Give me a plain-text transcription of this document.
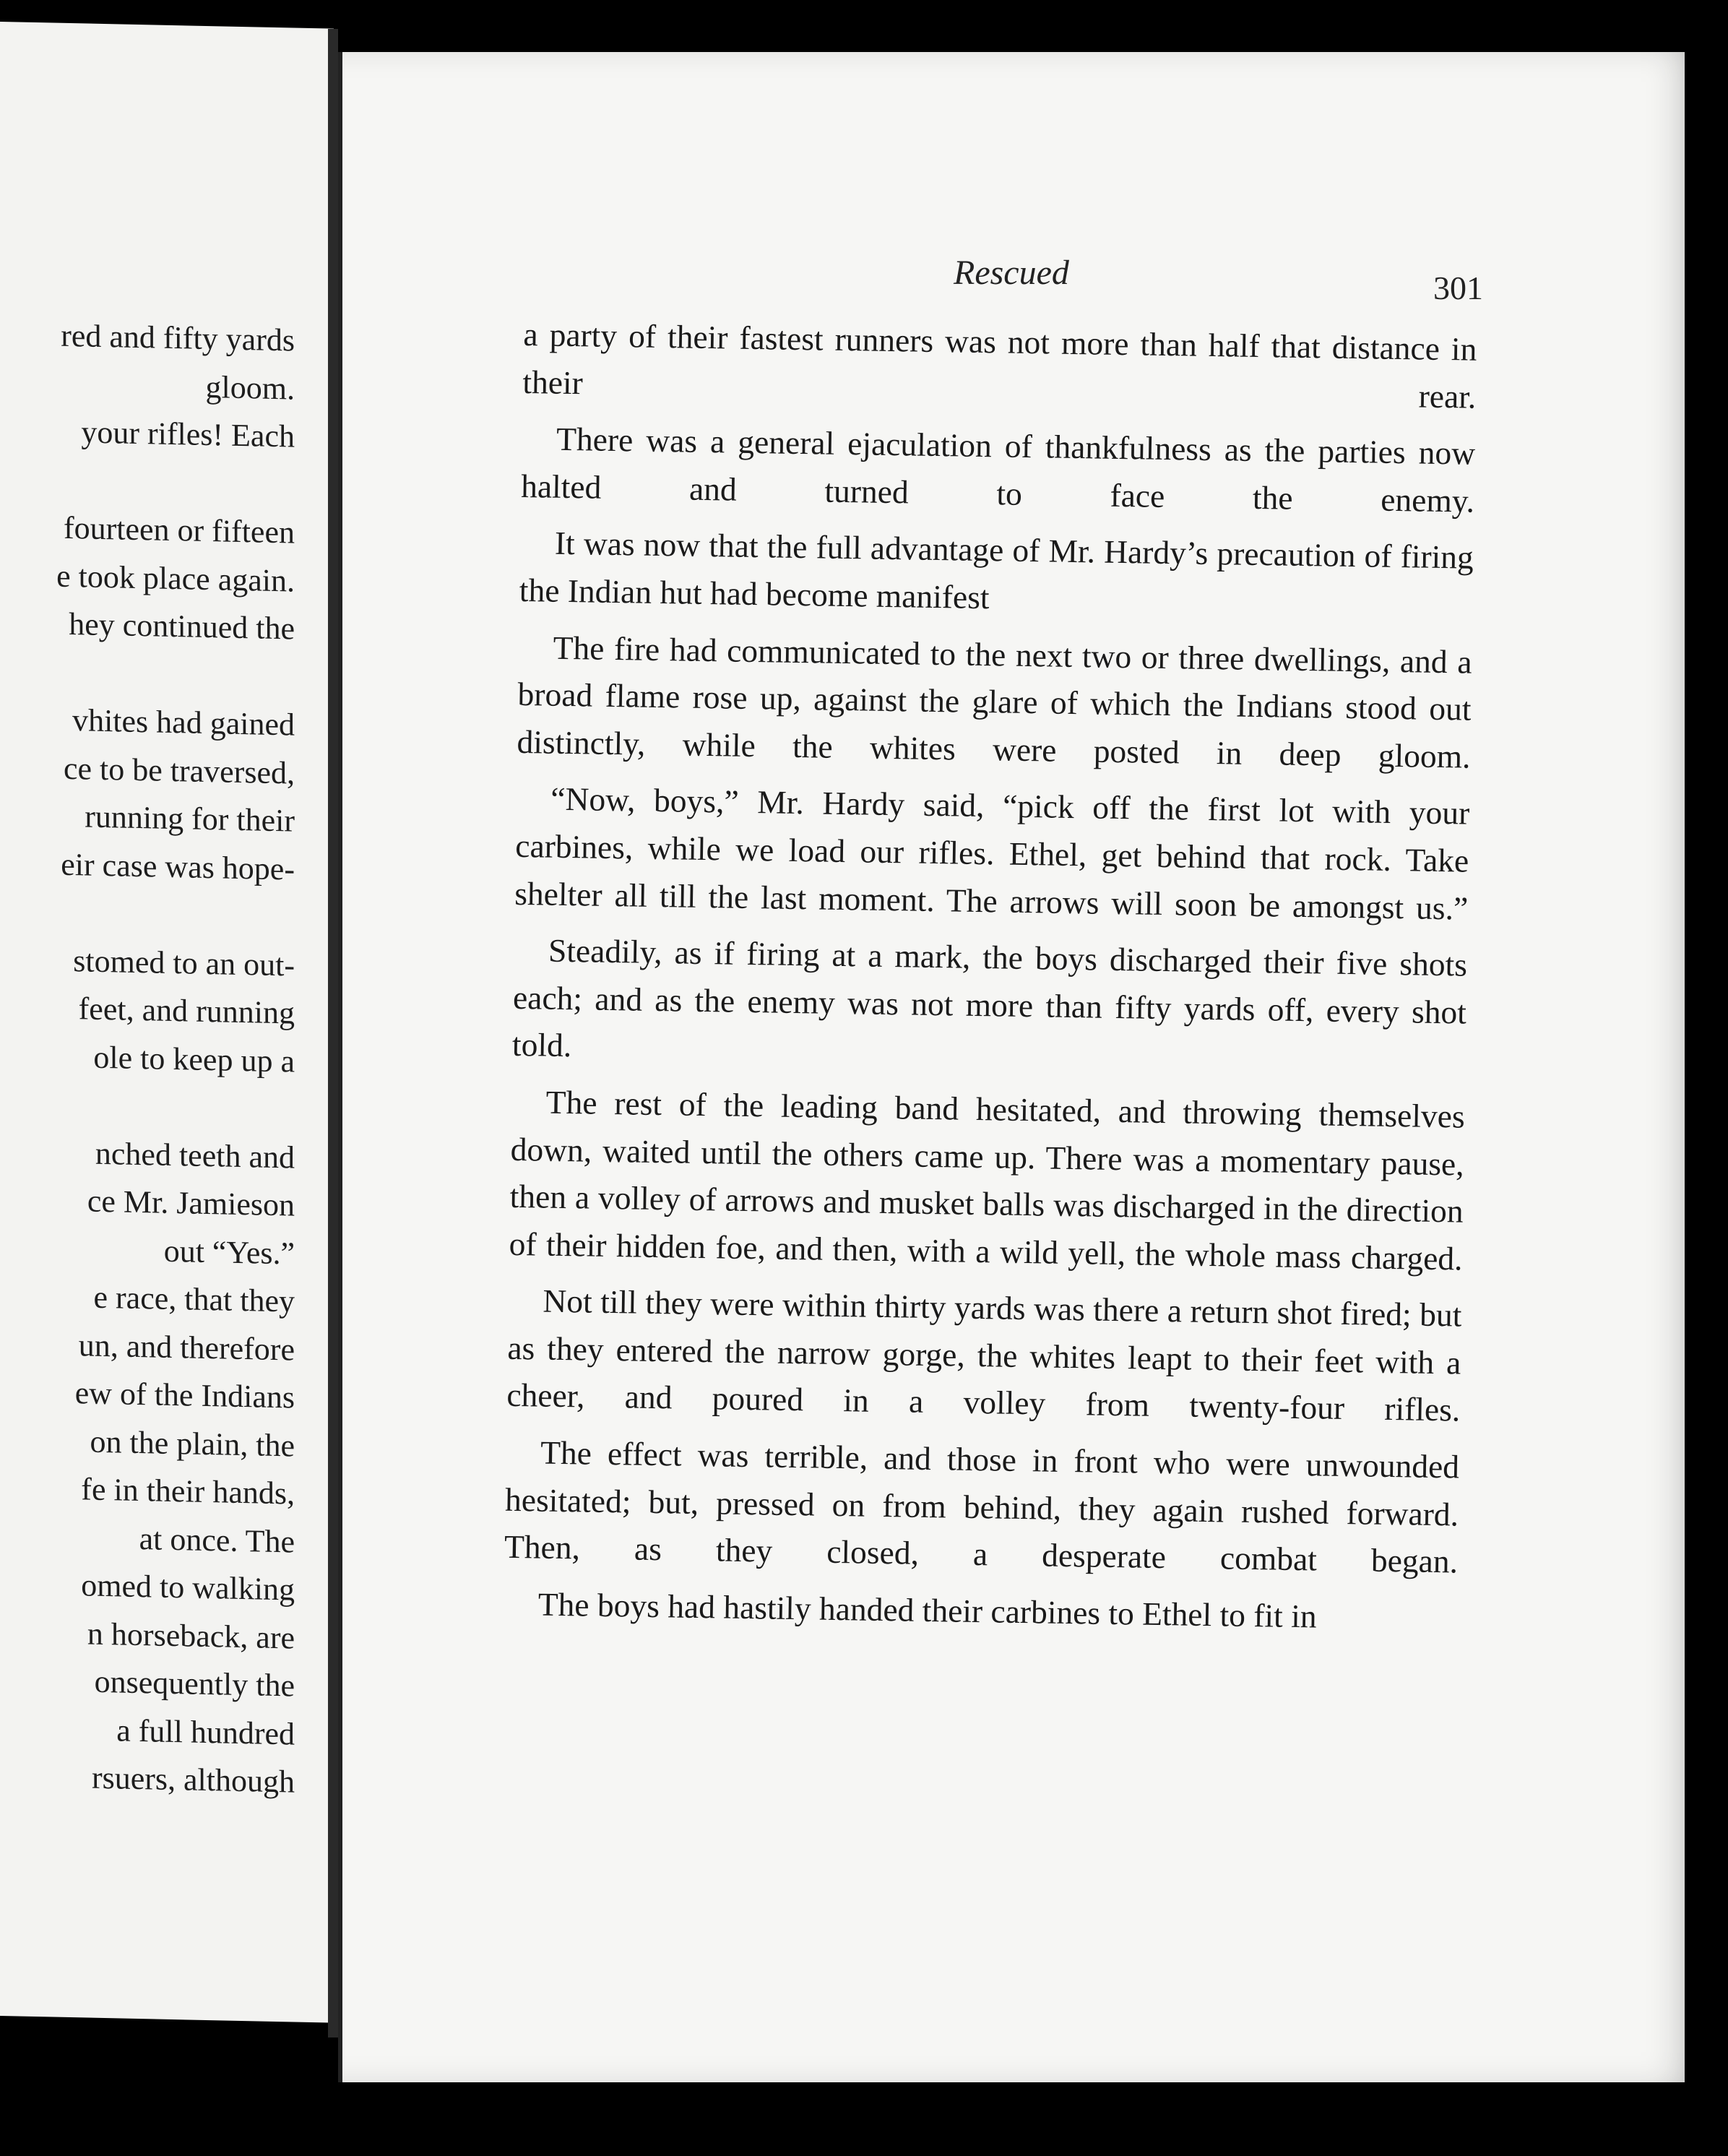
red and fifty yards
gloom.
your rifles! Each
fourteen or fifteen
e took place again.
hey continued the
vhites had gained
ce to be traversed,
running for their
eir case was hope-
stomed to an out-
feet, and running
ole to keep up a
nched teeth and
ce Mr. Jamieson
out “Yes.”
e race, that they
un, and therefore
ew of the Indians
on the plain, the
fe in their hands,
at once. The
omed to walking
n horseback, are
onsequently the
a full hundred
rsuers, although
Rescued	301

a party of their fastest runners was not more than half that distance in their rear.

There was a general ejaculation of thankfulness as the parties now halted and turned to face the enemy.

It was now that the full advantage of Mr. Hardy’s precaution of firing the Indian hut had become manifest

The fire had communicated to the next two or three dwellings, and a broad flame rose up, against the glare of which the Indians stood out distinctly, while the whites were posted in deep gloom.

“Now, boys,” Mr. Hardy said, “pick off the first lot with your carbines, while we load our rifles. Ethel, get behind that rock. Take shelter all till the last moment. The arrows will soon be amongst us.”

Steadily, as if firing at a mark, the boys discharged their five shots each; and as the enemy was not more than fifty yards off, every shot told.

The rest of the leading band hesitated, and throwing themselves down, waited until the others came up. There was a momentary pause, then a volley of arrows and musket balls was discharged in the direction of their hidden foe, and then, with a wild yell, the whole mass charged.

Not till they were within thirty yards was there a return shot fired; but as they entered the narrow gorge, the whites leapt to their feet with a cheer, and poured in a volley from twenty-four rifles.

The effect was terrible, and those in front who were unwounded hesitated; but, pressed on from behind, they again rushed forward. Then, as they closed, a desperate combat began.

The boys had hastily handed their carbines to Ethel to fit in
